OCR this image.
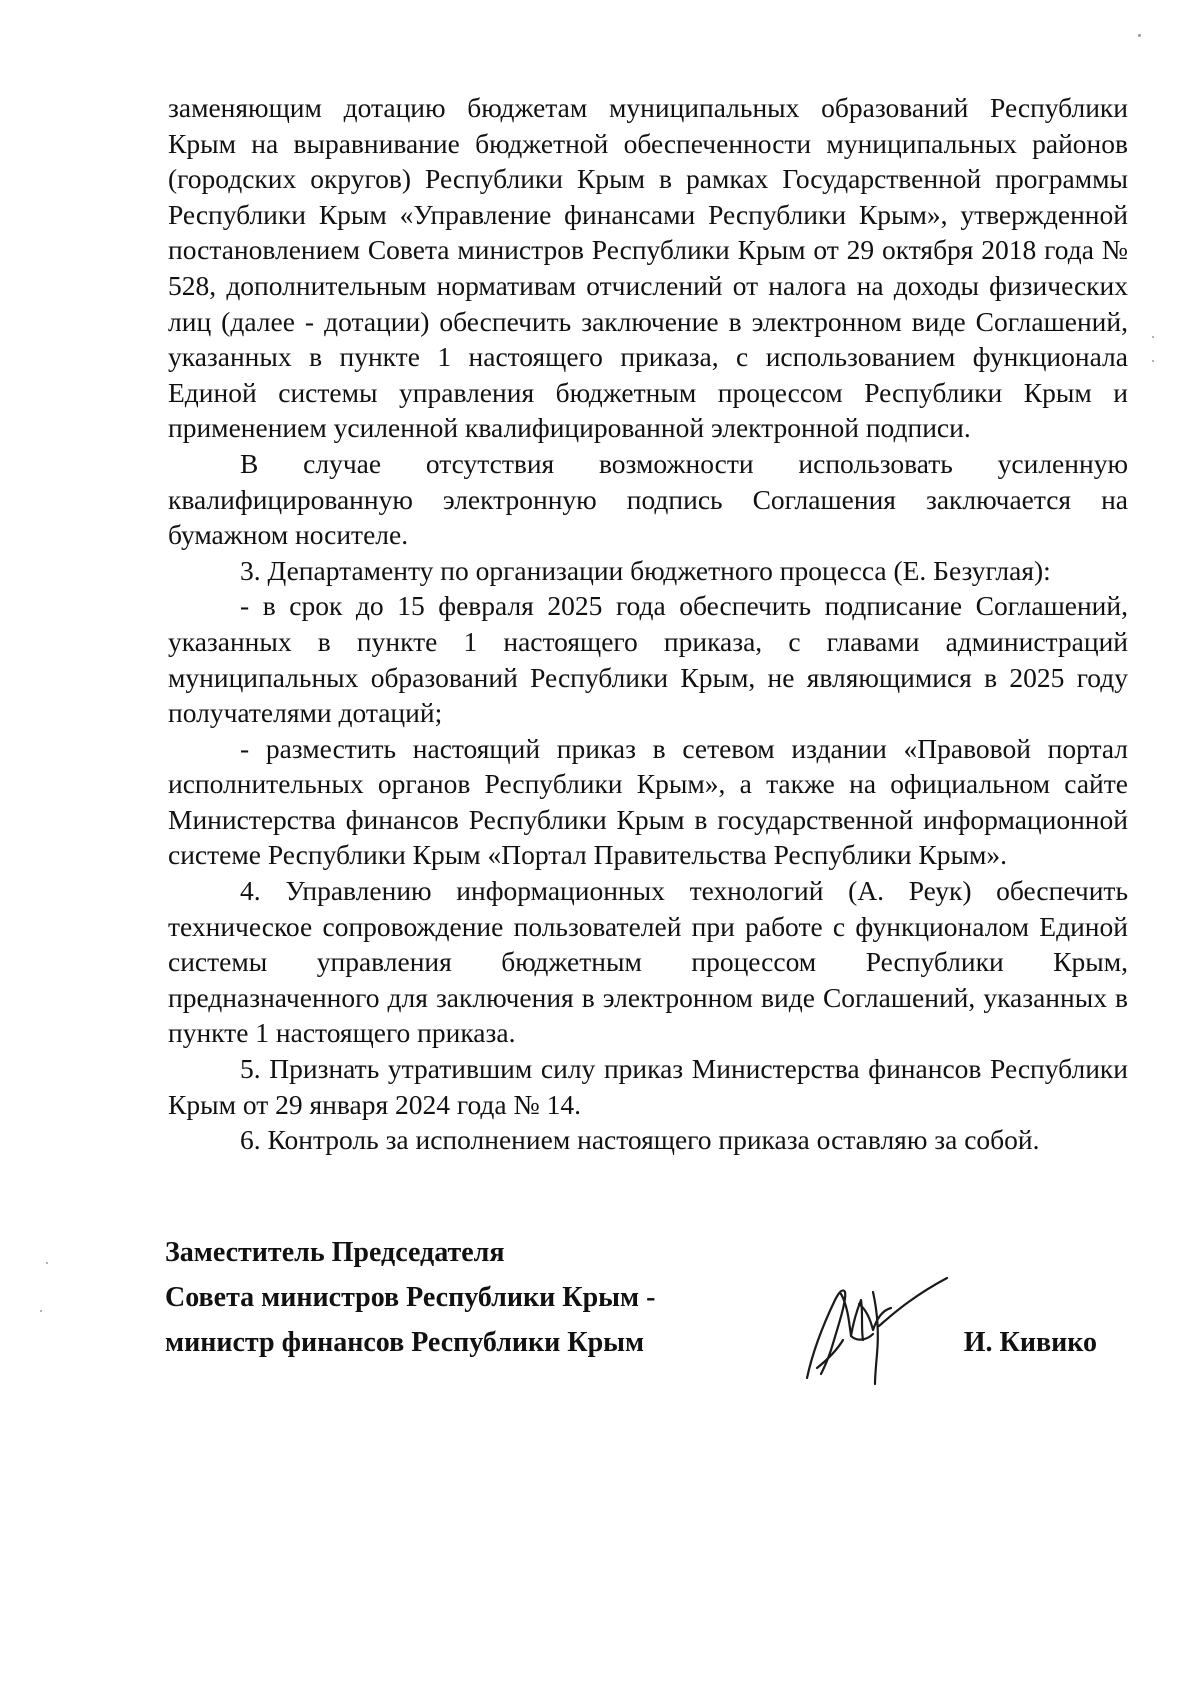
заменяющим дотацию бюджетам муниципальных образований Республики Крым на выравнивание бюджетной обеспеченности муниципальных районов (городских округов) Республики Крым в рамках Государственной программы Республики Крым «Управление финансами Республики Крым», утвержденной постановлением Совета министров Республики Крым от 29 октября 2018 года № 528, дополнительным нормативам отчислений от налога на доходы физических лиц (далее - дотации) обеспечить заключение в электронном виде Соглашений, указанных в пункте 1 настоящего приказа, с использованием функционала Единой системы управления бюджетным процессом Республики Крым и применением усиленной квалифицированной электронной подписи.

В случае отсутствия возможности использовать усиленную квалифицированную электронную подпись Соглашения заключается на бумажном носителе.

3. Департаменту по организации бюджетного процесса (Е. Безуглая):

- в срок до 15 февраля 2025 года обеспечить подписание Соглашений, указанных в пункте 1 настоящего приказа, с главами администраций муниципальных образований Республики Крым, не являющимися в 2025 году получателями дотаций;

- разместить настоящий приказ в сетевом издании «Правовой портал исполнительных органов Республики Крым», а также на официальном сайте Министерства финансов Республики Крым в государственной информационной системе Республики Крым «Портал Правительства Республики Крым».

4. Управлению информационных технологий (А. Реук) обеспечить техническое сопровождение пользователей при работе с функционалом Единой системы управления бюджетным процессом Республики Крым, предназначенного для заключения в электронном виде Соглашений, указанных в пункте 1 настоящего приказа.

5. Признать утратившим силу приказ Министерства финансов Республики Крым от 29 января 2024 года № 14.

6. Контроль за исполнением настоящего приказа оставляю за собой.

Заместитель Председателя
Совета министров Республики Крым -
министр финансов Республики Крым	И. Кивико
